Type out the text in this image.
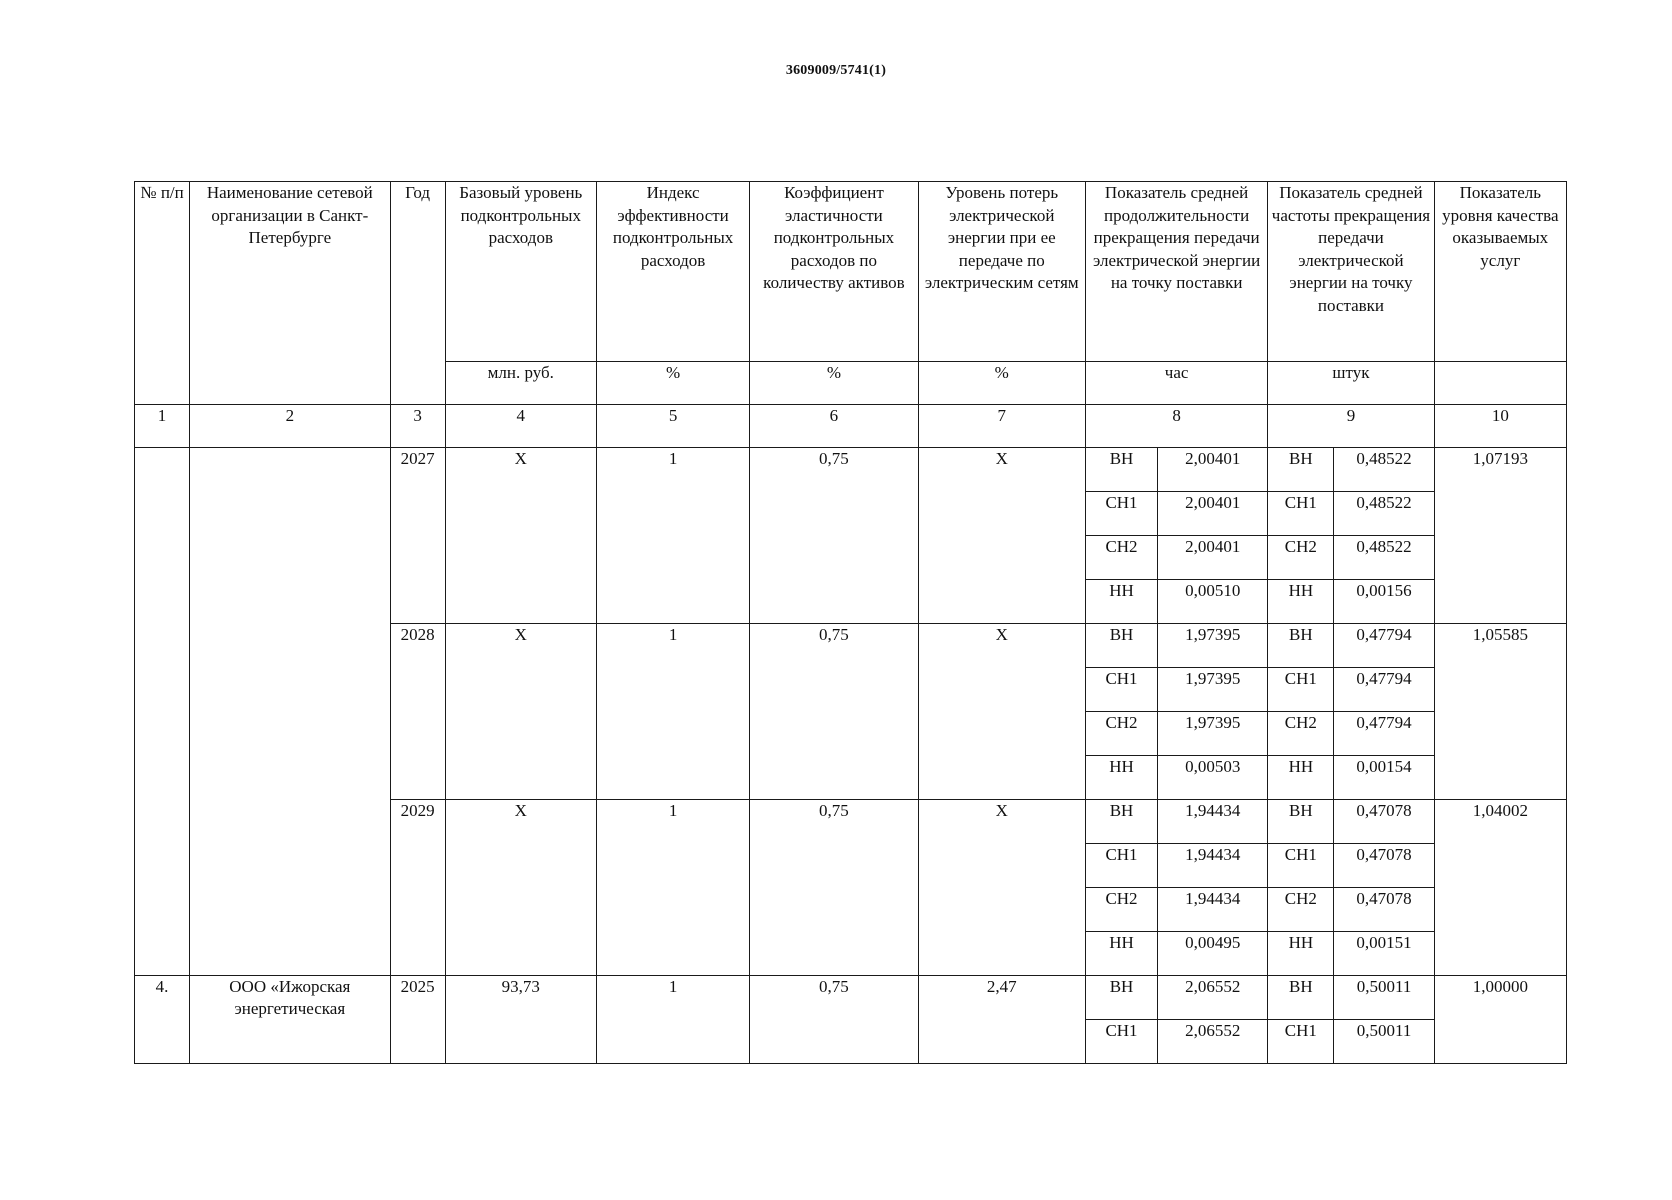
3609009/5741(1)
№ п/п	Наименование сетевой организации в Санкт-Петербурге	Год	Базовый уровень подконтрольных расходов	Индекс эффективности подконтрольных расходов	Коэффициент эластичности подконтрольных расходов по количеству активов	Уровень потерь электрической энергии при ее передаче по электрическим сетям	Показатель средней продолжительности прекращения передачи электрической энергии на точку поставки		Показатель средней частоты прекращения передачи электрической энергии на точку поставки		Показатель уровня качества оказываемых услуг
			млн. руб.	%	%	%	час		штук		
1	2	3	4	5	6	7	8		9		10
		2027	X	1	0,75	X	ВН	2,00401	ВН	0,48522	1,07193
							СН1	2,00401	СН1	0,48522	
							СН2	2,00401	СН2	0,48522	
							НН	0,00510	НН	0,00156	
		2028	X	1	0,75	X	ВН	1,97395	ВН	0,47794	1,05585
							СН1	1,97395	СН1	0,47794	
							СН2	1,97395	СН2	0,47794	
							НН	0,00503	НН	0,00154	
		2029	X	1	0,75	X	ВН	1,94434	ВН	0,47078	1,04002
							СН1	1,94434	СН1	0,47078	
							СН2	1,94434	СН2	0,47078	
							НН	0,00495	НН	0,00151	
4.	ООО «Ижорская энергетическая	2025	93,73	1	0,75	2,47	ВН	2,06552	ВН	0,50011	1,00000
							СН1	2,06552	СН1	0,50011	
